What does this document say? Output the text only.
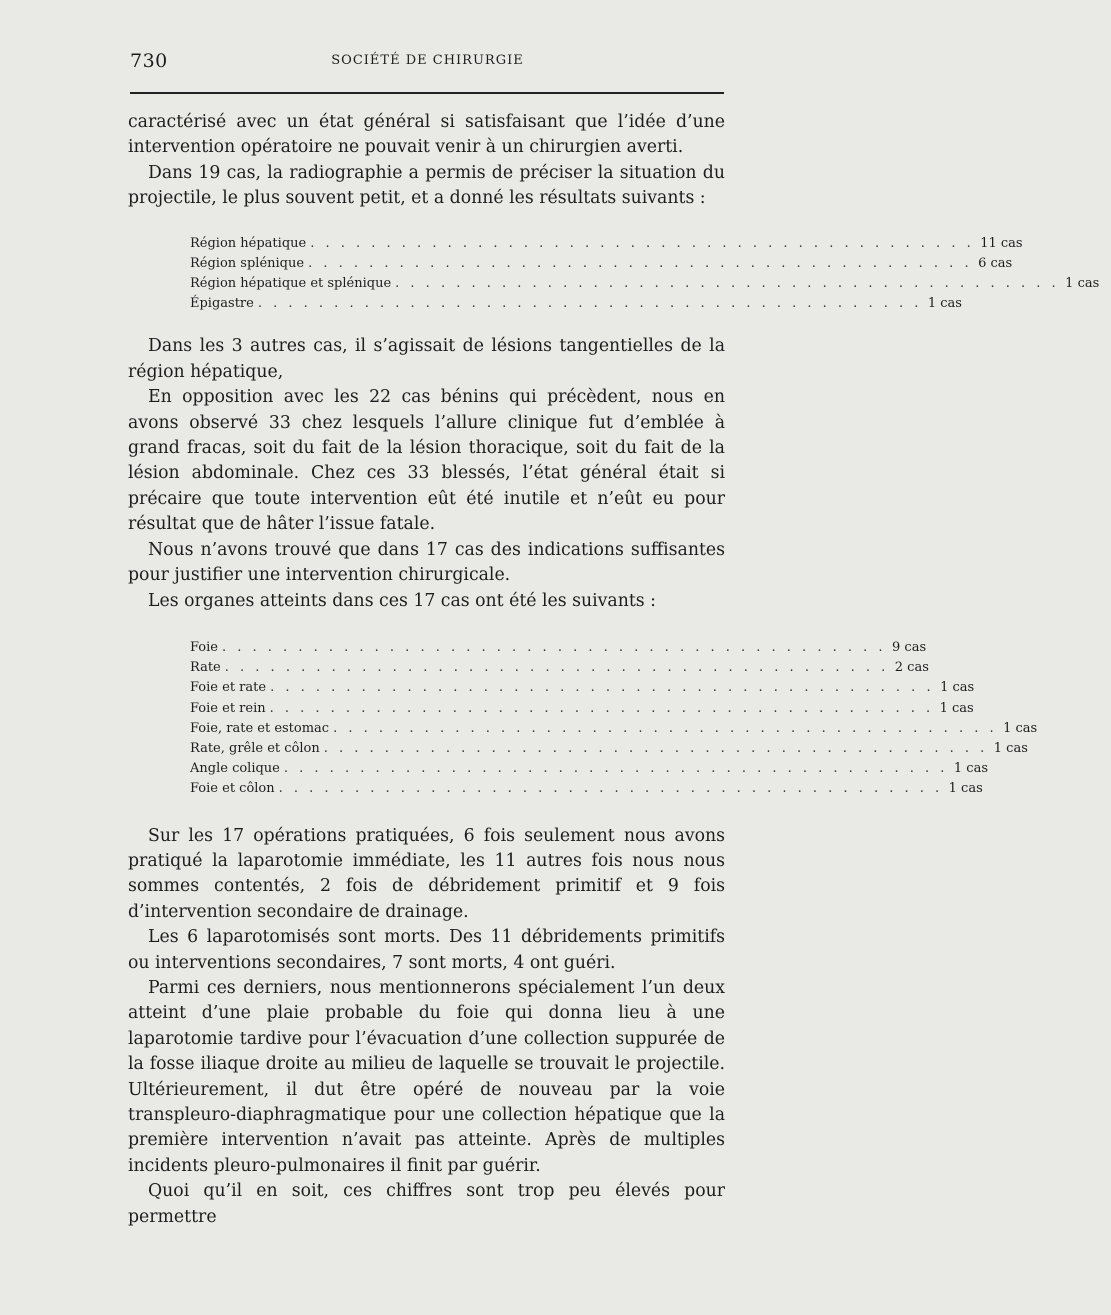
730	SOCIÉTÉ DE CHIRURGIE

caractérisé avec un état général si satisfaisant que l’idée d’une intervention opératoire ne pouvait venir à un chirurgien averti.

Dans 19 cas, la radiographie a permis de préciser la situation du projectile, le plus souvent petit, et a donné les résultats suivants :

Région hépatique . . . . . . . . . . . . . . . . . . . . . . . . . . . . . . . . . . . . . . . . . . . . 11 cas
Région splénique . . . . . . . . . . . . . . . . . . . . . . . . . . . . . . . . . . . . . . . . . . . . 6 cas
Région hépatique et splénique . . . . . . . . . . . . . . . . . . . . . . . . . . . . . . . . . . . . . . . . . . . . 1 cas
Épigastre . . . . . . . . . . . . . . . . . . . . . . . . . . . . . . . . . . . . . . . . . . . . 1 cas

Dans les 3 autres cas, il s’agissait de lésions tangentielles de la région hépatique,

En opposition avec les 22 cas bénins qui précèdent, nous en avons observé 33 chez lesquels l’allure clinique fut d’emblée à grand fracas, soit du fait de la lésion thoracique, soit du fait de la lésion abdominale. Chez ces 33 blessés, l’état général était si précaire que toute intervention eût été inutile et n’eût eu pour résultat que de hâter l’issue fatale.

Nous n’avons trouvé que dans 17 cas des indications suffisantes pour justifier une intervention chirurgicale.

Les organes atteints dans ces 17 cas ont été les suivants :

Foie . . . . . . . . . . . . . . . . . . . . . . . . . . . . . . . . . . . . . . . . . . . . 9 cas
Rate . . . . . . . . . . . . . . . . . . . . . . . . . . . . . . . . . . . . . . . . . . . . 2 cas
Foie et rate . . . . . . . . . . . . . . . . . . . . . . . . . . . . . . . . . . . . . . . . . . . . 1 cas
Foie et rein . . . . . . . . . . . . . . . . . . . . . . . . . . . . . . . . . . . . . . . . . . . . 1 cas
Foie, rate et estomac . . . . . . . . . . . . . . . . . . . . . . . . . . . . . . . . . . . . . . . . . . . . 1 cas
Rate, grêle et côlon . . . . . . . . . . . . . . . . . . . . . . . . . . . . . . . . . . . . . . . . . . . . 1 cas
Angle colique . . . . . . . . . . . . . . . . . . . . . . . . . . . . . . . . . . . . . . . . . . . . 1 cas
Foie et côlon . . . . . . . . . . . . . . . . . . . . . . . . . . . . . . . . . . . . . . . . . . . . 1 cas

Sur les 17 opérations pratiquées, 6 fois seulement nous avons pratiqué la laparotomie immédiate, les 11 autres fois nous nous sommes contentés, 2 fois de débridement primitif et 9 fois d’intervention secondaire de drainage.

Les 6 laparotomisés sont morts. Des 11 débridements primitifs ou interventions secondaires, 7 sont morts, 4 ont guéri.

Parmi ces derniers, nous mentionnerons spécialement l’un deux atteint d’une plaie probable du foie qui donna lieu à une laparotomie tardive pour l’évacuation d’une collection suppurée de la fosse iliaque droite au milieu de laquelle se trouvait le projectile. Ultérieurement, il dut être opéré de nouveau par la voie transpleuro-diaphragmatique pour une collection hépatique que la première intervention n’avait pas atteinte. Après de multiples incidents pleuro-pulmonaires il finit par guérir.

Quoi qu’il en soit, ces chiffres sont trop peu élevés pour permettre
